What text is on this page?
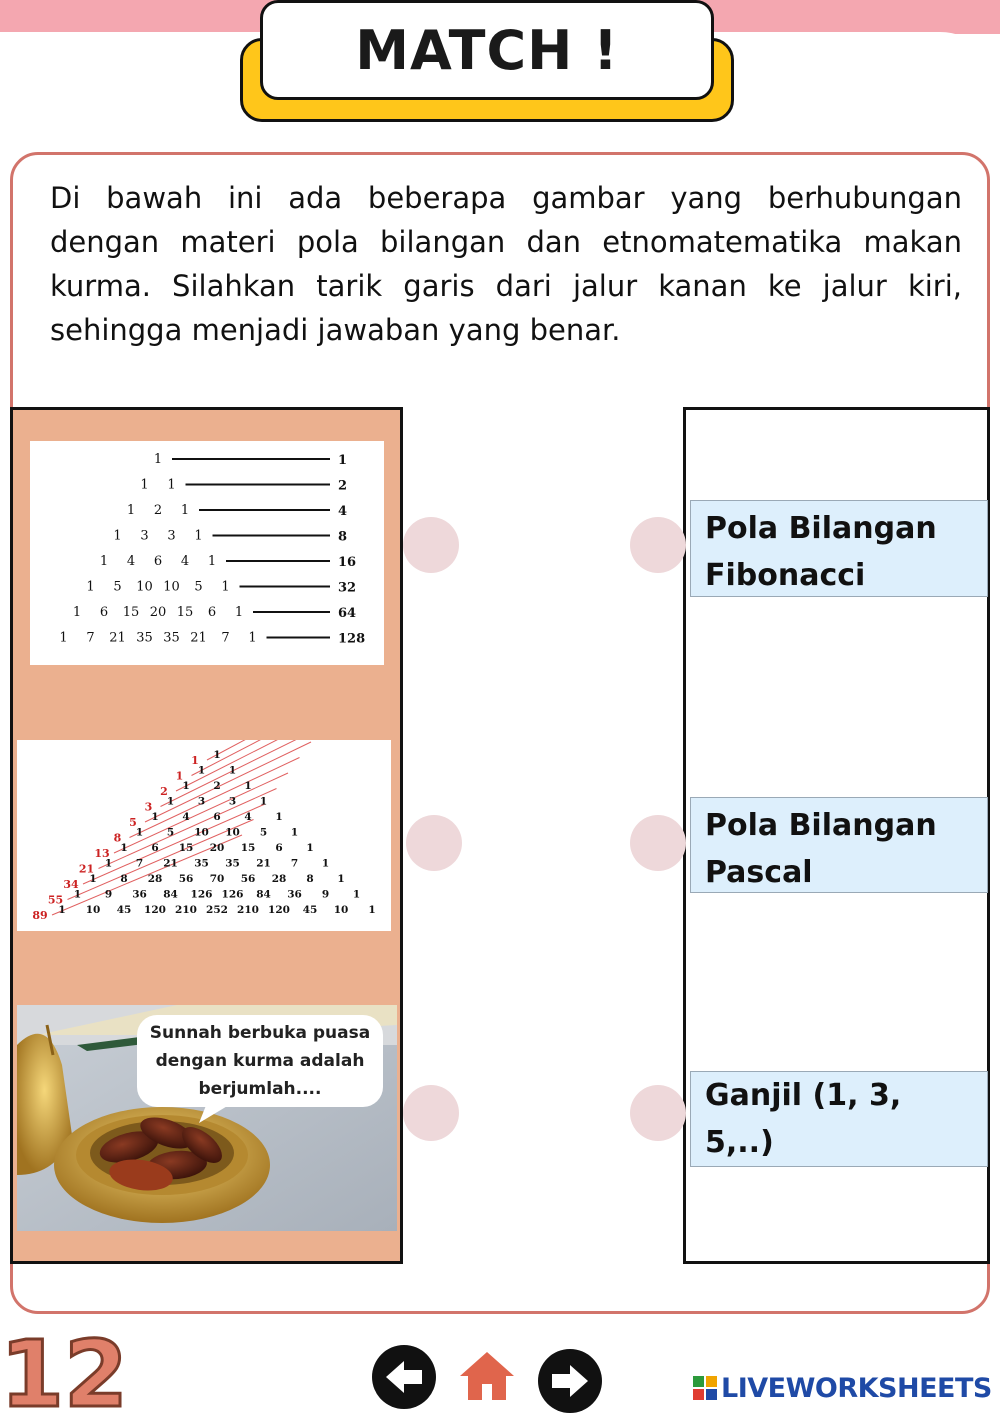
MATCH !

Di bawah ini ada beberapa gambar yang berhubungan dengan materi pola bilangan dan etnomatematika makan kurma. Silahkan tarik garis dari jalur kanan ke jalur kiri, sehingga menjadi jawaban yang benar.

1	1
1 1	2
1 2 1	4
1 3 3 1	8
1 4 6 4 1	16
1 5 10 10 5 1	32
1 6 15 20 15 6 1	64
1 7 21 35 35 21 7 1	128
1
1
1 1
1
1 2 1
2
1 3 3 1
3
1 4 6 4 1
5
1 5 10 10 5 1
8
1 6 15 20 15 6 1
13
1 7 21 35 35 21 7 1
21
1 8 28 56 70 56 28 8 1
34
1 9 36 84 126 126 84 36 9 1
55
1 10 45 120 210 252 210 120 45 10 1
89
Sunnah berbuka puasa dengan kurma adalah berjumlah....
Pola Bilangan Fibonacci
Pola Bilangan Pascal
Ganjil (1, 3, 5,..)
12	LIVEWORKSHEETS
